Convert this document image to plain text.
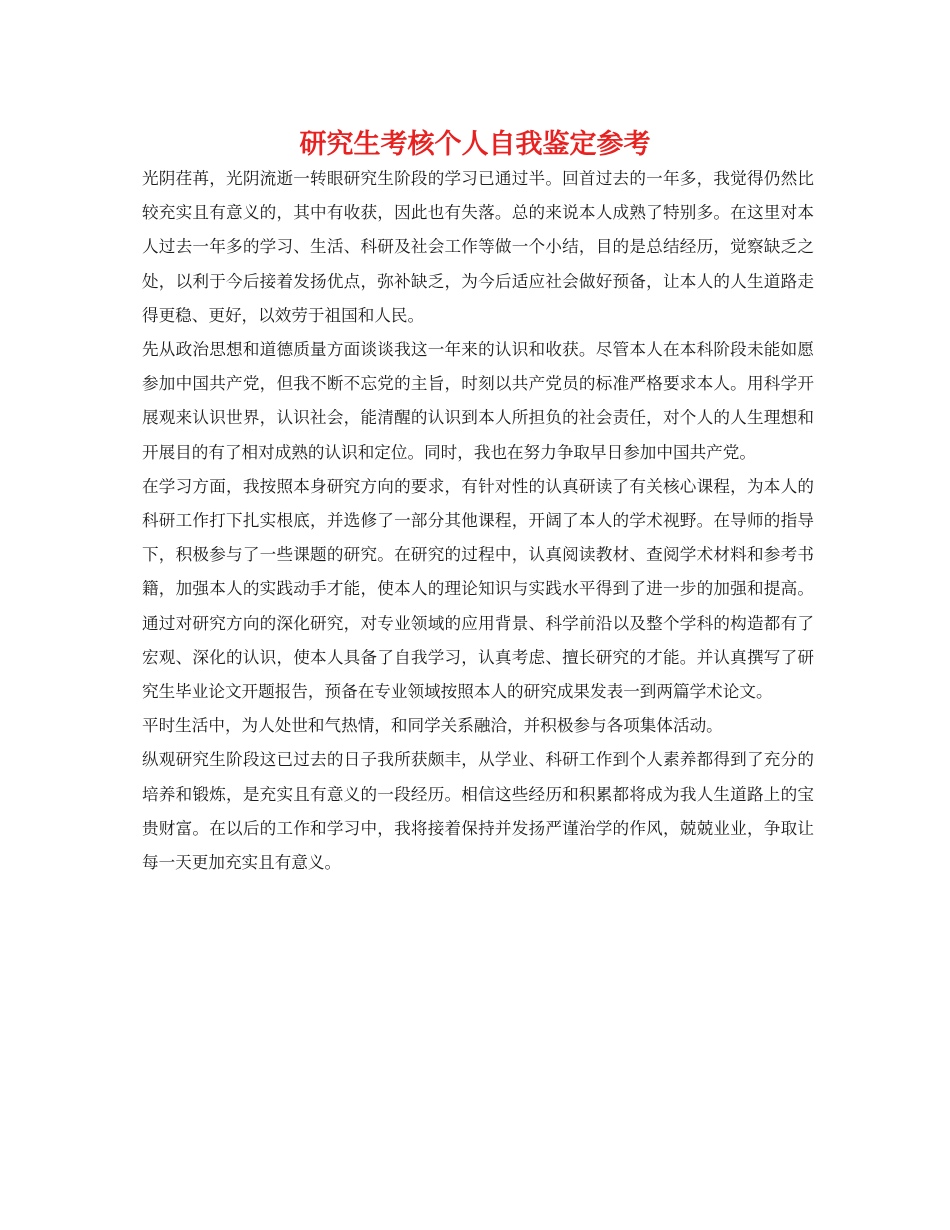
研究生考核个人自我鉴定参考

光阴荏苒，光阴流逝一转眼研究生阶段的学习已通过半。回首过去的一年多，我觉得仍然比较充实且有意义的，其中有收获，因此也有失落。总的来说本人成熟了特别多。在这里对本人过去一年多的学习、生活、科研及社会工作等做一个小结，目的是总结经历，觉察缺乏之处，以利于今后接着发扬优点，弥补缺乏，为今后适应社会做好预备，让本人的人生道路走得更稳、更好，以效劳于祖国和人民。

先从政治思想和道德质量方面谈谈我这一年来的认识和收获。尽管本人在本科阶段未能如愿参加中国共产党，但我不断不忘党的主旨，时刻以共产党员的标准严格要求本人。用科学开展观来认识世界，认识社会，能清醒的认识到本人所担负的社会责任，对个人的人生理想和开展目的有了相对成熟的认识和定位。同时，我也在努力争取早日参加中国共产党。

在学习方面，我按照本身研究方向的要求，有针对性的认真研读了有关核心课程，为本人的科研工作打下扎实根底，并选修了一部分其他课程，开阔了本人的学术视野。在导师的指导下，积极参与了一些课题的研究。在研究的过程中，认真阅读教材、查阅学术材料和参考书籍，加强本人的实践动手才能，使本人的理论知识与实践水平得到了进一步的加强和提高。通过对研究方向的深化研究，对专业领域的应用背景、科学前沿以及整个学科的构造都有了宏观、深化的认识，使本人具备了自我学习，认真考虑、擅长研究的才能。并认真撰写了研究生毕业论文开题报告，预备在专业领域按照本人的研究成果发表一到两篇学术论文。

平时生活中，为人处世和气热情，和同学关系融洽，并积极参与各项集体活动。

纵观研究生阶段这已过去的日子我所获颇丰，从学业、科研工作到个人素养都得到了充分的培养和锻炼，是充实且有意义的一段经历。相信这些经历和积累都将成为我人生道路上的宝贵财富。在以后的工作和学习中，我将接着保持并发扬严谨治学的作风，兢兢业业，争取让每一天更加充实且有意义。
